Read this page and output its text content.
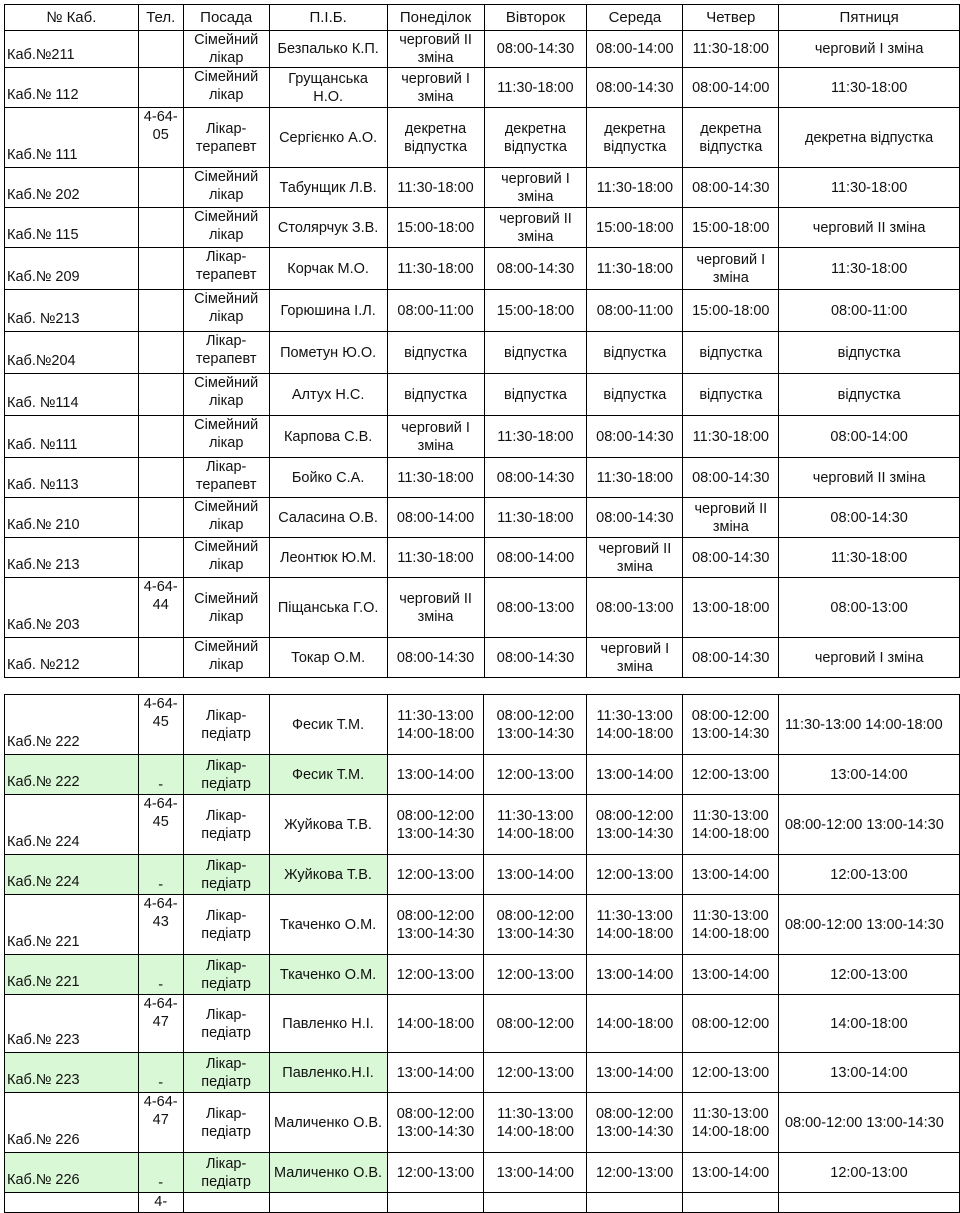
№ Каб.	Тел.	Посада	П.І.Б.	Понеділок	Вівторок	Середа	Четвер	Пятниця
Каб.№211		Сімейний лікар	Безпалько К.П.	черговий II зміна	08:00-14:30	08:00-14:00	11:30-18:00	черговий I зміна
Каб.№ 112		Сімейний лікар	Грущанська Н.О.	черговий I зміна	11:30-18:00	08:00-14:30	08:00-14:00	11:30-18:00
Каб.№ 111	4-64-05	Лікар-терапевт	Сергієнко А.О.	декретна відпустка	декретна відпустка	декретна відпустка	декретна відпустка	декретна відпустка
Каб.№ 202		Сімейний лікар	Табунщик Л.В.	11:30-18:00	черговий I зміна	11:30-18:00	08:00-14:30	11:30-18:00
Каб.№ 115		Сімейний лікар	Столярчук З.В.	15:00-18:00	черговий II зміна	15:00-18:00	15:00-18:00	черговий II зміна
Каб.№ 209		Лікар-терапевт	Корчак М.О.	11:30-18:00	08:00-14:30	11:30-18:00	черговий I зміна	11:30-18:00
Каб. №213		Сімейний лікар	Горюшина І.Л.	08:00-11:00	15:00-18:00	08:00-11:00	15:00-18:00	08:00-11:00
Каб.№204		Лікар-терапевт	Пометун Ю.О.	відпустка	відпустка	відпустка	відпустка	відпустка
Каб. №114		Сімейний лікар	Алтух Н.С.	відпустка	відпустка	відпустка	відпустка	відпустка
Каб. №111		Сімейний лікар	Карпова С.В.	черговий I зміна	11:30-18:00	08:00-14:30	11:30-18:00	08:00-14:00
Каб. №113		Лікар-терапевт	Бойко С.А.	11:30-18:00	08:00-14:30	11:30-18:00	08:00-14:30	черговий II зміна
Каб.№ 210		Сімейний лікар	Саласина О.В.	08:00-14:00	11:30-18:00	08:00-14:30	черговий II зміна	08:00-14:30
Каб.№ 213		Сімейний лікар	Леонтюк Ю.М.	11:30-18:00	08:00-14:00	черговий II зміна	08:00-14:30	11:30-18:00
Каб.№ 203	4-64-44	Сімейний лікар	Піщанська Г.О.	черговий II зміна	08:00-13:00	08:00-13:00	13:00-18:00	08:00-13:00
Каб. №212		Сімейний лікар	Токар О.М.	08:00-14:30	08:00-14:30	черговий I зміна	08:00-14:30	черговий I зміна
Каб.№ 222	4-64-45	Лікар-педіатр	Фесик Т.М.	11:30-13:00 14:00-18:00	08:00-12:00 13:00-14:30	11:30-13:00 14:00-18:00	08:00-12:00 13:00-14:30	11:30-13:00 14:00-18:00
Каб.№ 222	-	Лікар-педіатр	Фесик Т.М.	13:00-14:00	12:00-13:00	13:00-14:00	12:00-13:00	13:00-14:00
Каб.№ 224	4-64-45	Лікар-педіатр	Жуйкова Т.В.	08:00-12:00 13:00-14:30	11:30-13:00 14:00-18:00	08:00-12:00 13:00-14:30	11:30-13:00 14:00-18:00	08:00-12:00 13:00-14:30
Каб.№ 224	-	Лікар-педіатр	Жуйкова Т.В.	12:00-13:00	13:00-14:00	12:00-13:00	13:00-14:00	12:00-13:00
Каб.№ 221	4-64-43	Лікар-педіатр	Ткаченко О.М.	08:00-12:00 13:00-14:30	08:00-12:00 13:00-14:30	11:30-13:00 14:00-18:00	11:30-13:00 14:00-18:00	08:00-12:00 13:00-14:30
Каб.№ 221	-	Лікар-педіатр	Ткаченко О.М.	12:00-13:00	12:00-13:00	13:00-14:00	13:00-14:00	12:00-13:00
Каб.№ 223	4-64-47	Лікар-педіатр	Павленко Н.І.	14:00-18:00	08:00-12:00	14:00-18:00	08:00-12:00	14:00-18:00
Каб.№ 223	-	Лікар-педіатр	Павленко.Н.І.	13:00-14:00	12:00-13:00	13:00-14:00	12:00-13:00	13:00-14:00
Каб.№ 226	4-64-47	Лікар-педіатр	Маличенко О.В.	08:00-12:00 13:00-14:30	11:30-13:00 14:00-18:00	08:00-12:00 13:00-14:30	11:30-13:00 14:00-18:00	08:00-12:00 13:00-14:30
Каб.№ 226	-	Лікар-педіатр	Маличенко О.В.	12:00-13:00	13:00-14:00	12:00-13:00	13:00-14:00	12:00-13:00
	4-							
